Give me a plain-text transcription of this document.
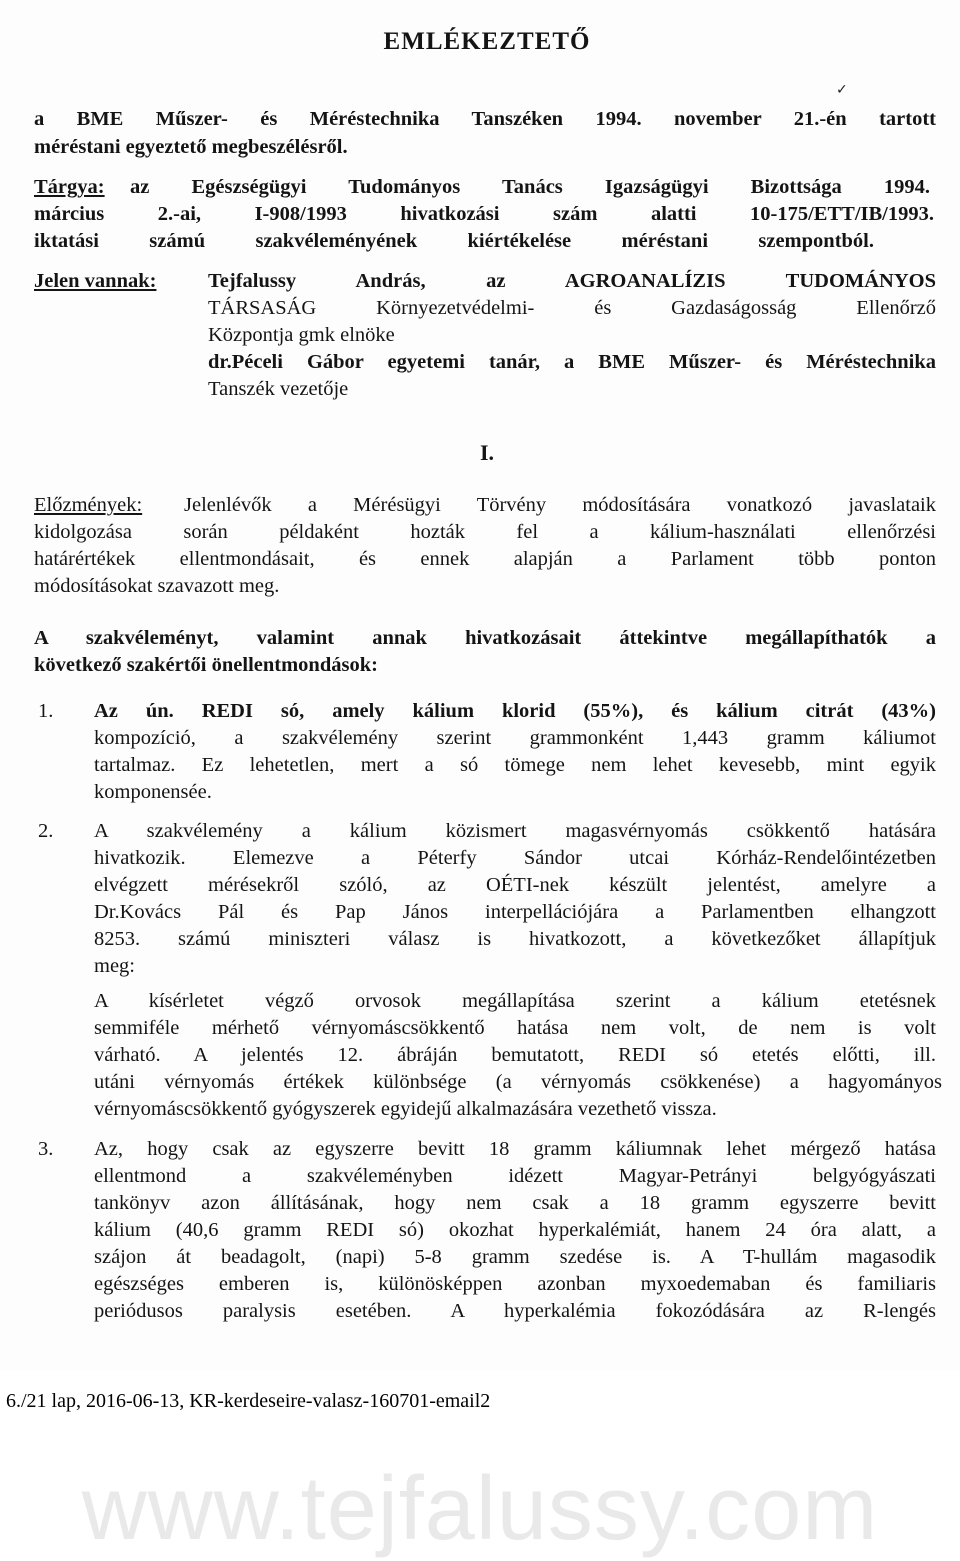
EMLÉKEZTETŐ
a BME Műszer- és Méréstechnika Tanszéken 1994. november 21.-én tartott
méréstani egyeztető megbeszélésről.
Tárgya: az Egészségügyi Tudományos Tanács Igazságügyi Bizottsága 1994.
március 2.-ai, I-908/1993 hivatkozási szám alatti 10-175/ETT/IB/1993.
iktatási számú szakvéleményének kiértékelése méréstani szempontból.
Jelen vannak:	Tejfalussy András, az AGROANALÍZIS TUDOMÁNYOS
TÁRSASÁG Környezetvédelmi- és Gazdaságosság Ellenőrző
Központja gmk elnöke
dr.Péceli Gábor egyetemi tanár, a BME Műszer- és Méréstechnika
Tanszék vezetője
I.
Előzmények: Jelenlévők a Mérésügyi Törvény módosítására vonatkozó javaslataik
kidolgozása során példaként hozták fel a kálium-használati ellenőrzési
határértékek ellentmondásait, és ennek alapján a Parlament több ponton
módosításokat szavazott meg.
A szakvéleményt, valamint annak hivatkozásait áttekintve megállapíthatók a
következő szakértői önellentmondások:
1. Az ún. REDI só, amely kálium klorid (55%), és kálium citrát (43%)
kompozíció, a szakvélemény szerint grammonként 1,443 gramm káliumot
tartalmaz. Ez lehetetlen, mert a só tömege nem lehet kevesebb, mint egyik
komponensée.
2. A szakvélemény a kálium közismert magasvérnyomás csökkentő hatására
hivatkozik. Elemezve a Péterfy Sándor utcai Kórház-Rendelőintézetben
elvégzett mérésekről szóló, az OÉTI-nek készült jelentést, amelyre a
Dr.Kovács Pál és Pap János interpellációjára a Parlamentben elhangzott
8253. számú miniszteri válasz is hivatkozott, a következőket állapítjuk
meg:
A kísérletet végző orvosok megállapítása szerint a kálium etetésnek
semmiféle mérhető vérnyomáscsökkentő hatása nem volt, de nem is volt
várható. A jelentés 12. ábráján bemutatott, REDI só etetés előtti, ill.
utáni vérnyomás értékek különbsége (a vérnyomás csökkenése) a hagyományos
vérnyomáscsökkentő gyógyszerek egyidejű alkalmazására vezethető vissza.
3. Az, hogy csak az egyszerre bevitt 18 gramm káliumnak lehet mérgező hatása
ellentmond a szakvéleményben idézett Magyar-Petrányi belgyógyászati
tankönyv azon állításának, hogy nem csak a 18 gramm egyszerre bevitt
kálium (40,6 gramm REDI só) okozhat hyperkalémiát, hanem 24 óra alatt, a
szájon át beadagolt, (napi) 5-8 gramm szedése is. A T-hullám magasodik
egészséges emberen is, különösképpen azonban myxoedemaban és familiaris
periódusos paralysis esetében. A hyperkalémia fokozódására az R-lengés
✓
6./21 lap, 2016-06-13, KR-kerdeseire-valasz-160701-email2
www.tejfalussy.com
